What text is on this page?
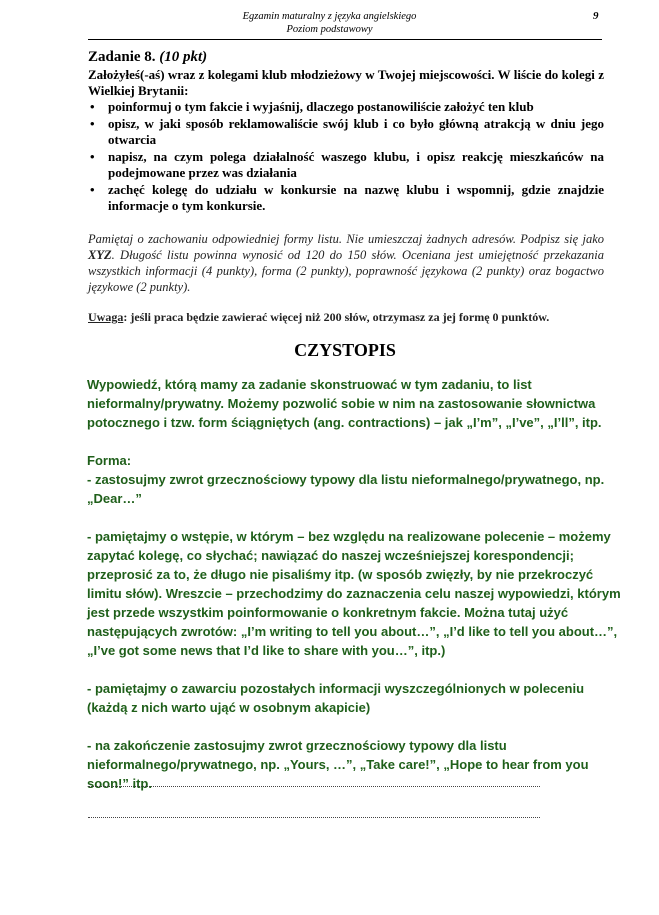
Egzamin maturalny z języka angielskiego
Poziom podstawowy
9
Zadanie 8. (10 pkt)

Założyłeś(-aś) wraz z kolegami klub młodzieżowy w Twojej miejscowości. W liście do kolegi z Wielkiej Brytanii:

• poinformuj o tym fakcie i wyjaśnij, dlaczego postanowiliście założyć ten klub
• opisz, w jaki sposób reklamowaliście swój klub i co było główną atrakcją w dniu jego otwarcia
• napisz, na czym polega działalność waszego klubu, i opisz reakcję mieszkańców na podejmowane przez was działania
• zachęć kolegę do udziału w konkursie na nazwę klubu i wspomnij, gdzie znajdzie informacje o tym konkursie.
Pamiętaj o zachowaniu odpowiedniej formy listu. Nie umieszczaj żadnych adresów. Podpisz się jako XYZ. Długość listu powinna wynosić od 120 do 150 słów. Oceniana jest umiejętność przekazania wszystkich informacji (4 punkty), forma (2 punkty), poprawność językowa (2 punkty) oraz bogactwo językowe (2 punkty).
Uwaga: jeśli praca będzie zawierać więcej niż 200 słów, otrzymasz za jej formę 0 punktów.
CZYSTOPIS

Wypowiedź, którą mamy za zadanie skonstruować w tym zadaniu, to list nieformalny/prywatny. Możemy pozwolić sobie w nim na zastosowanie słownictwa potocznego i tzw. form ściągniętych (ang. contractions) – jak „I’m”, „I’ve”, „I’ll”, itp.

Forma:

- zastosujmy zwrot grzecznościowy typowy dla listu nieformalnego/prywatnego, np. „Dear…”

- pamiętajmy o wstępie, w którym – bez względu na realizowane polecenie – możemy zapytać kolegę, co słychać; nawiązać do naszej wcześniejszej korespondencji; przeprosić za to, że długo nie pisaliśmy itp. (w sposób zwięzły, by nie przekroczyć limitu słów). Wreszcie – przechodzimy do zaznaczenia celu naszej wypowiedzi, którym jest przede wszystkim poinformowanie o konkretnym fakcie. Można tutaj użyć następujących zwrotów: „I’m writing to tell you about…”, „I’d like to tell you about…”, „I’ve got some news that I’d like to share with you…”, itp.)

- pamiętajmy o zawarciu pozostałych informacji wyszczególnionych w poleceniu (każdą z nich warto ująć w osobnym akapicie)

- na zakończenie zastosujmy zwrot grzecznościowy typowy dla listu nieformalnego/prywatnego, np. „Yours, …”, „Take care!”, „Hope to hear from you soon!” itp.
